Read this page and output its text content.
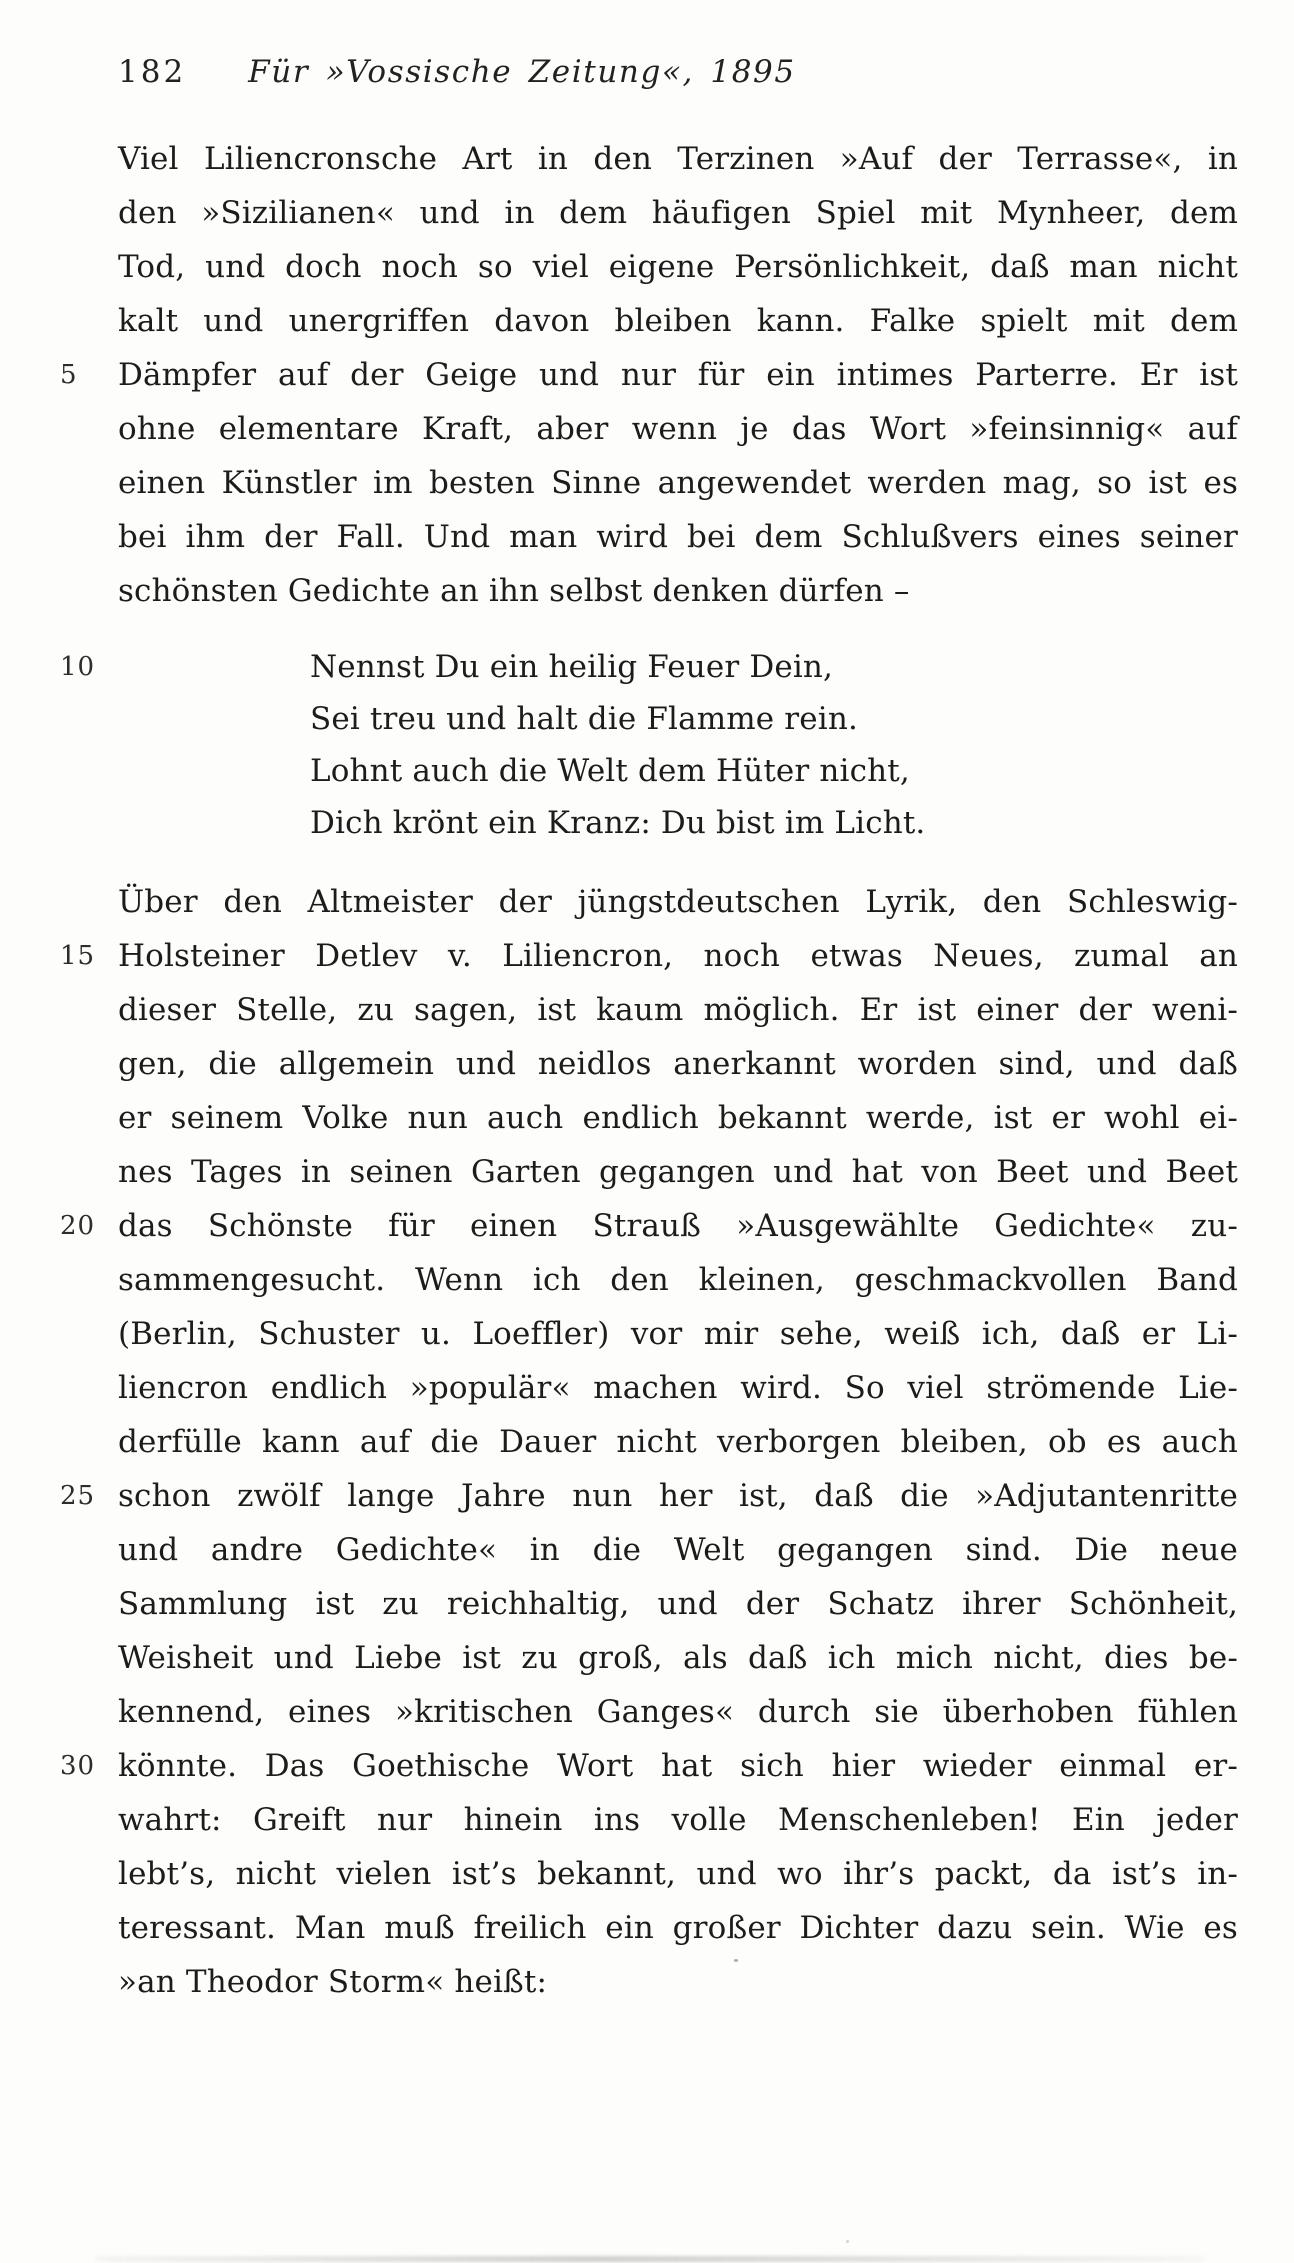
182 Für »Vossische Zeitung«, 1895
Viel Liliencronsche Art in den Terzinen »Auf der Terrasse«, in
den »Sizilianen« und in dem häufigen Spiel mit Mynheer, dem
Tod, und doch noch so viel eigene Persönlichkeit, daß man nicht
kalt und unergriffen davon bleiben kann. Falke spielt mit dem
5	Dämpfer auf der Geige und nur für ein intimes Parterre. Er ist
ohne elementare Kraft, aber wenn je das Wort »feinsinnig« auf
einen Künstler im besten Sinne angewendet werden mag, so ist es
bei ihm der Fall. Und man wird bei dem Schlußvers eines seiner
schönsten Gedichte an ihn selbst denken dürfen –
10	Nennst Du ein heilig Feuer Dein,
Sei treu und halt die Flamme rein.
Lohnt auch die Welt dem Hüter nicht,
Dich krönt ein Kranz: Du bist im Licht.
Über den Altmeister der jüngstdeutschen Lyrik, den Schleswig-
15 Holsteiner Detlev v. Liliencron, noch etwas Neues, zumal an
dieser Stelle, zu sagen, ist kaum möglich. Er ist einer der weni-
gen, die allgemein und neidlos anerkannt worden sind, und daß
er seinem Volke nun auch endlich bekannt werde, ist er wohl ei-
nes Tages in seinen Garten gegangen und hat von Beet und Beet
20 das Schönste für einen Strauß »Ausgewählte Gedichte« zu-
sammengesucht. Wenn ich den kleinen, geschmackvollen Band
(Berlin, Schuster u. Loeffler) vor mir sehe, weiß ich, daß er Li-
liencron endlich »populär« machen wird. So viel strömende Lie-
derfülle kann auf die Dauer nicht verborgen bleiben, ob es auch
25 schon zwölf lange Jahre nun her ist, daß die »Adjutantenritte
und andre Gedichte« in die Welt gegangen sind. Die neue
Sammlung ist zu reichhaltig, und der Schatz ihrer Schönheit,
Weisheit und Liebe ist zu groß, als daß ich mich nicht, dies be-
kennend, eines »kritischen Ganges« durch sie überhoben fühlen
30 könnte. Das Goethische Wort hat sich hier wieder einmal er-
wahrt: Greift nur hinein ins volle Menschenleben! Ein jeder
lebt’s, nicht vielen ist’s bekannt, und wo ihr’s packt, da ist’s in-
teressant. Man muß freilich ein großer Dichter dazu sein. Wie es
»an Theodor Storm« heißt:
